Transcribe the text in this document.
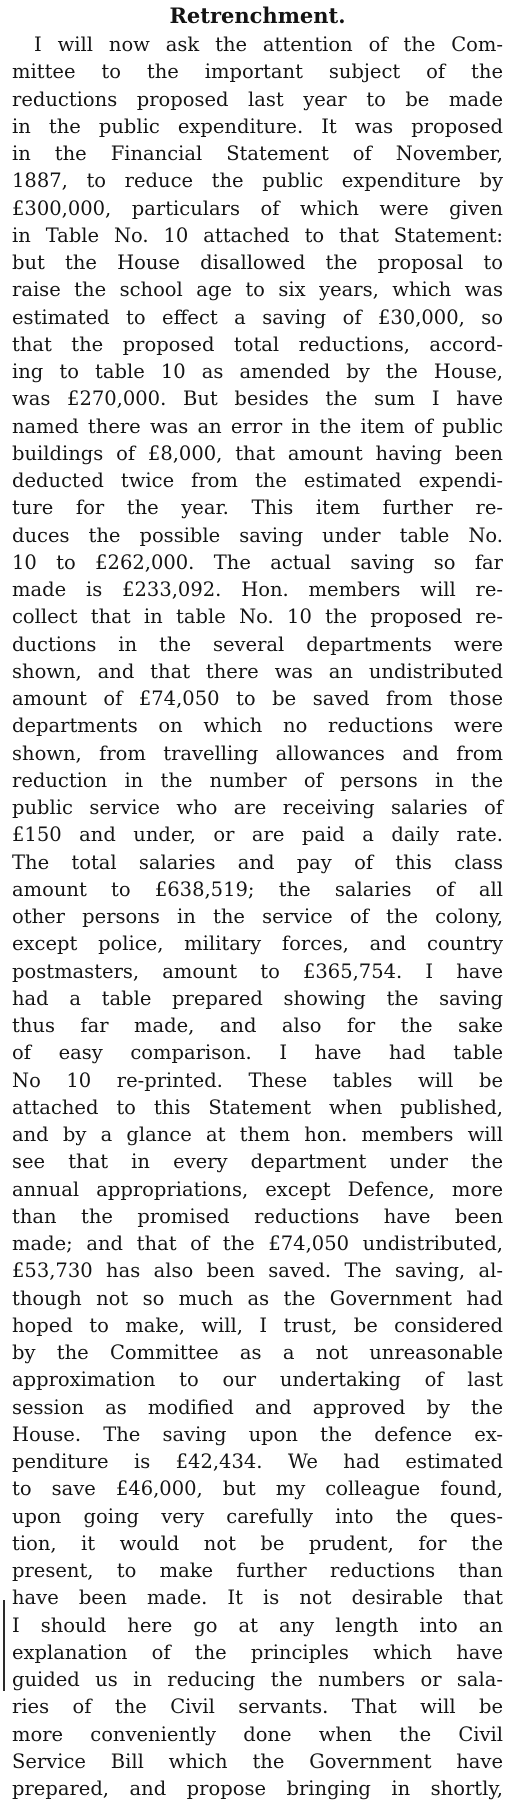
Retrenchment.
I will now ask the attention of the Com-
mittee to the important subject of the
reductions proposed last year to be made
in the public expenditure. It was proposed
in the Financial Statement of November,
1887, to reduce the public expenditure by
£300,000, particulars of which were given
in Table No. 10 attached to that Statement:
but the House disallowed the proposal to
raise the school age to six years, which was
estimated to effect a saving of £30,000, so
that the proposed total reductions, accord-
ing to table 10 as amended by the House,
was £270,000. But besides the sum I have
named there was an error in the item of public
buildings of £8,000, that amount having been
deducted twice from the estimated expendi-
ture for the year. This item further re-
duces the possible saving under table No.
10 to £262,000. The actual saving so far
made is £233,092. Hon. members will re-
collect that in table No. 10 the proposed re-
ductions in the several departments were
shown, and that there was an undistributed
amount of £74,050 to be saved from those
departments on which no reductions were
shown, from travelling allowances and from
reduction in the number of persons in the
public service who are receiving salaries of
£150 and under, or are paid a daily rate.
The total salaries and pay of this class
amount to £638,519; the salaries of all
other persons in the service of the colony,
except police, military forces, and country
postmasters, amount to £365,754. I have
had a table prepared showing the saving
thus far made, and also for the sake
of easy comparison. I have had table
No 10 re-printed. These tables will be
attached to this Statement when published,
and by a glance at them hon. members will
see that in every department under the
annual appropriations, except Defence, more
than the promised reductions have been
made; and that of the £74,050 undistributed,
£53,730 has also been saved. The saving, al-
though not so much as the Government had
hoped to make, will, I trust, be considered
by the Committee as a not unreasonable
approximation to our undertaking of last
session as modified and approved by the
House. The saving upon the defence ex-
penditure is £42,434. We had estimated
to save £46,000, but my colleague found,
upon going very carefully into the ques-
tion, it would not be prudent, for the
present, to make further reductions than
have been made. It is not desirable that
I should here go at any length into an
explanation of the principles which have
guided us in reducing the numbers or sala-
ries of the Civil servants. That will be
more conveniently done when the Civil
Service Bill which the Government have
prepared, and propose bringing in shortly,
